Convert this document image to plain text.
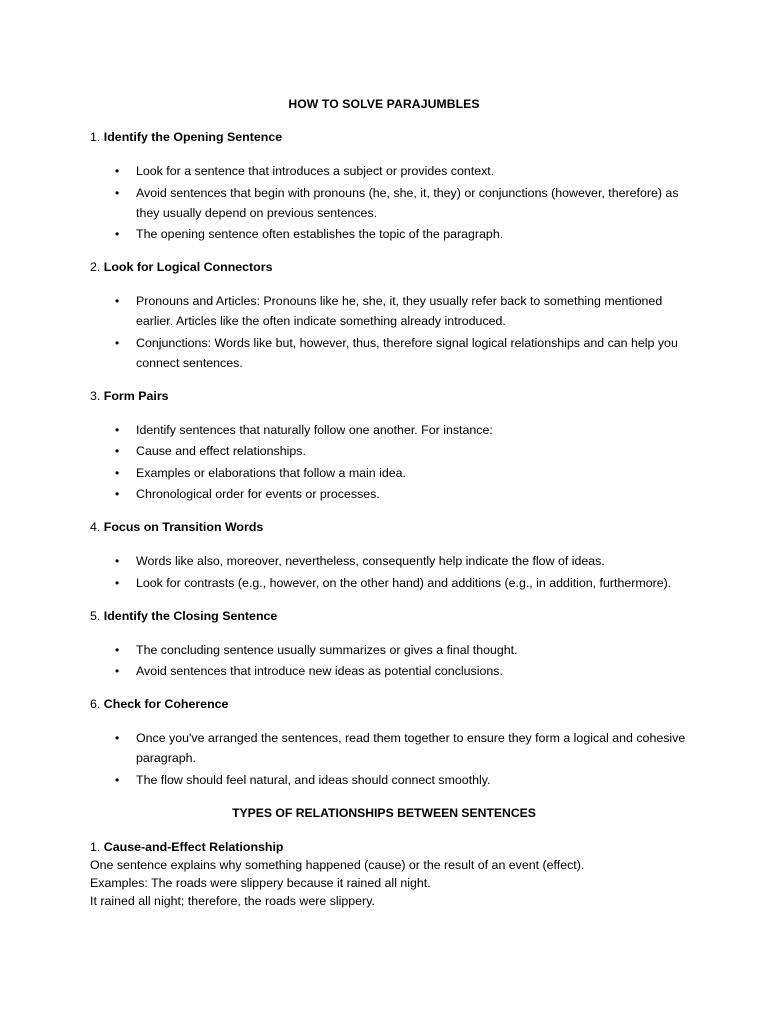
HOW TO SOLVE PARAJUMBLES
1. Identify the Opening Sentence
• Look for a sentence that introduces a subject or provides context.
• Avoid sentences that begin with pronouns (he, she, it, they) or conjunctions (however, therefore) as they usually depend on previous sentences.
• The opening sentence often establishes the topic of the paragraph.
2. Look for Logical Connectors
• Pronouns and Articles: Pronouns like he, she, it, they usually refer back to something mentioned earlier. Articles like the often indicate something already introduced.
• Conjunctions: Words like but, however, thus, therefore signal logical relationships and can help you connect sentences.
3. Form Pairs
• Identify sentences that naturally follow one another. For instance:
• Cause and effect relationships.
• Examples or elaborations that follow a main idea.
• Chronological order for events or processes.
4. Focus on Transition Words
• Words like also, moreover, nevertheless, consequently help indicate the flow of ideas.
• Look for contrasts (e.g., however, on the other hand) and additions (e.g., in addition, furthermore).
5. Identify the Closing Sentence
• The concluding sentence usually summarizes or gives a final thought.
• Avoid sentences that introduce new ideas as potential conclusions.
6. Check for Coherence
• Once you've arranged the sentences, read them together to ensure they form a logical and cohesive paragraph.
• The flow should feel natural, and ideas should connect smoothly.
TYPES OF RELATIONSHIPS BETWEEN SENTENCES
1. Cause-and-Effect Relationship
One sentence explains why something happened (cause) or the result of an event (effect).
Examples: The roads were slippery because it rained all night.
It rained all night; therefore, the roads were slippery.
